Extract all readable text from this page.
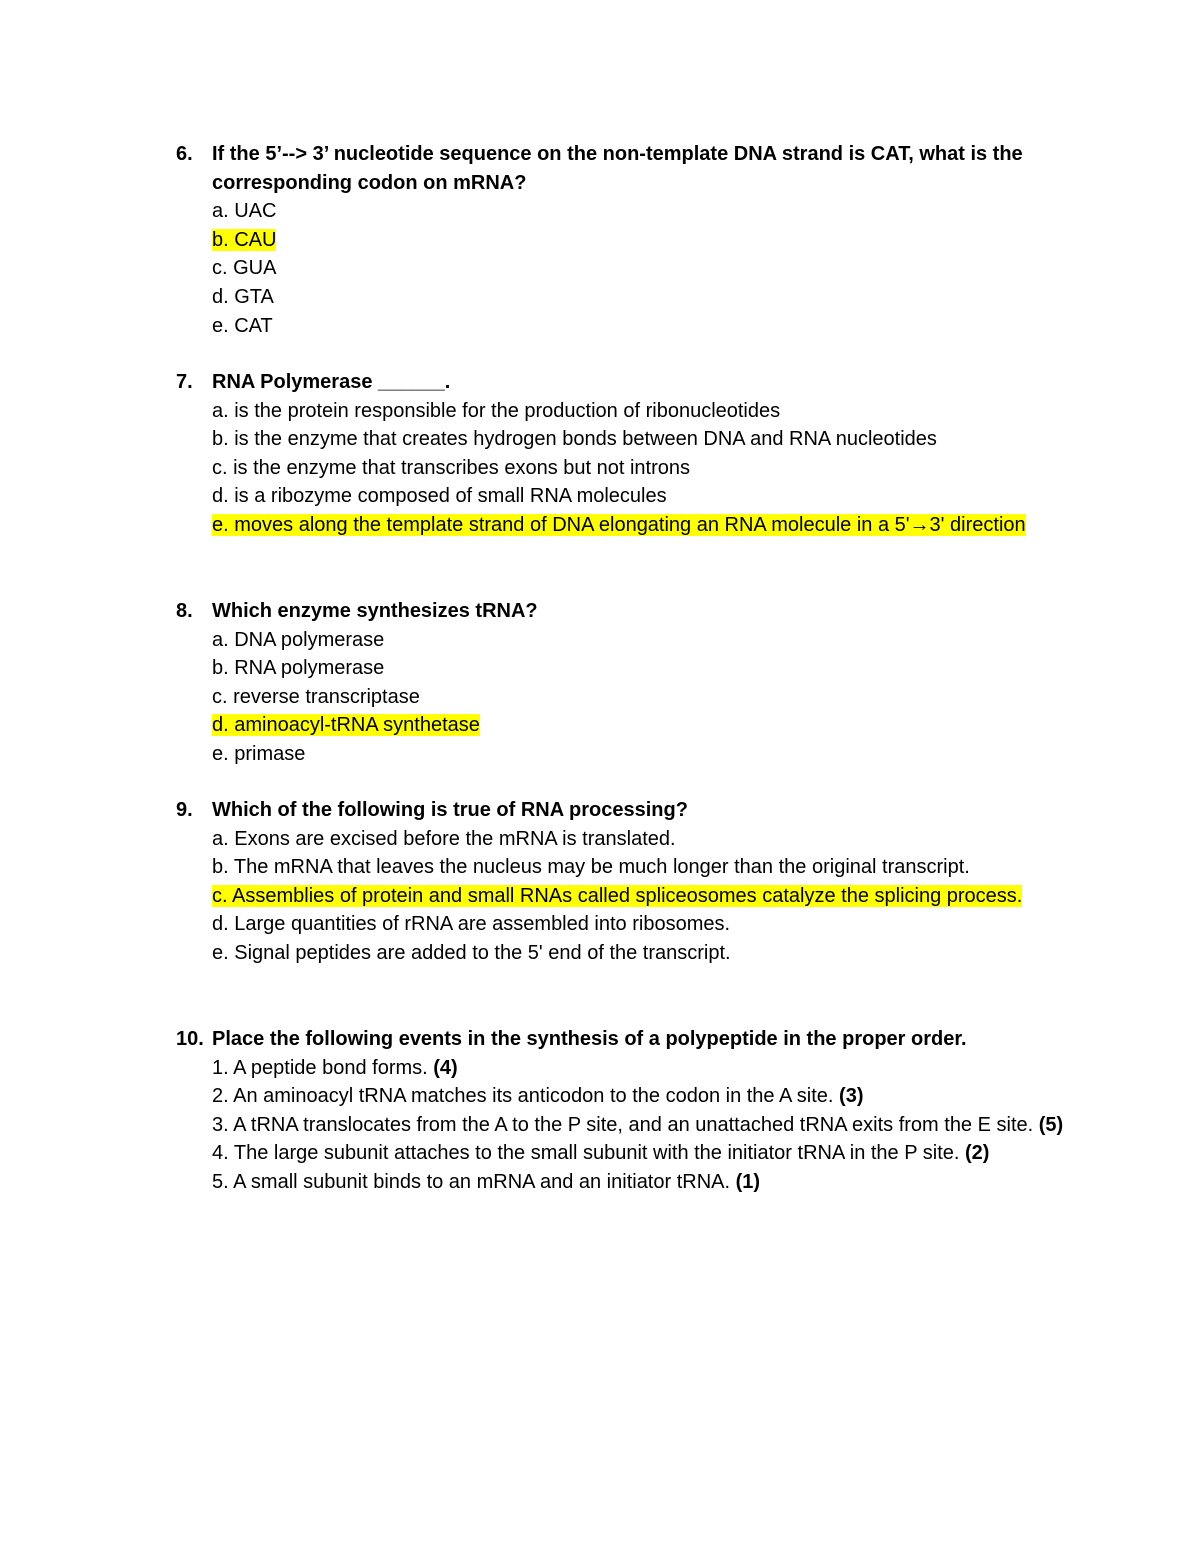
6. If the 5’--> 3’ nucleotide sequence on the non-template DNA strand is CAT, what is the corresponding codon on mRNA?
a. UAC
b. CAU
c. GUA
d. GTA
e. CAT
7. RNA Polymerase ______.
a. is the protein responsible for the production of ribonucleotides
b. is the enzyme that creates hydrogen bonds between DNA and RNA nucleotides
c. is the enzyme that transcribes exons but not introns
d. is a ribozyme composed of small RNA molecules
e. moves along the template strand of DNA elongating an RNA molecule in a 5'→3' direction
8. Which enzyme synthesizes tRNA?
a. DNA polymerase
b. RNA polymerase
c. reverse transcriptase
d. aminoacyl-tRNA synthetase
e. primase
9. Which of the following is true of RNA processing?
a. Exons are excised before the mRNA is translated.
b. The mRNA that leaves the nucleus may be much longer than the original transcript.
c. Assemblies of protein and small RNAs called spliceosomes catalyze the splicing process.
d. Large quantities of rRNA are assembled into ribosomes.
e. Signal peptides are added to the 5' end of the transcript.
10. Place the following events in the synthesis of a polypeptide in the proper order.
1. A peptide bond forms. (4)
2. An aminoacyl tRNA matches its anticodon to the codon in the A site. (3)
3. A tRNA translocates from the A to the P site, and an unattached tRNA exits from the E site. (5)
4. The large subunit attaches to the small subunit with the initiator tRNA in the P site. (2)
5. A small subunit binds to an mRNA and an initiator tRNA. (1)
